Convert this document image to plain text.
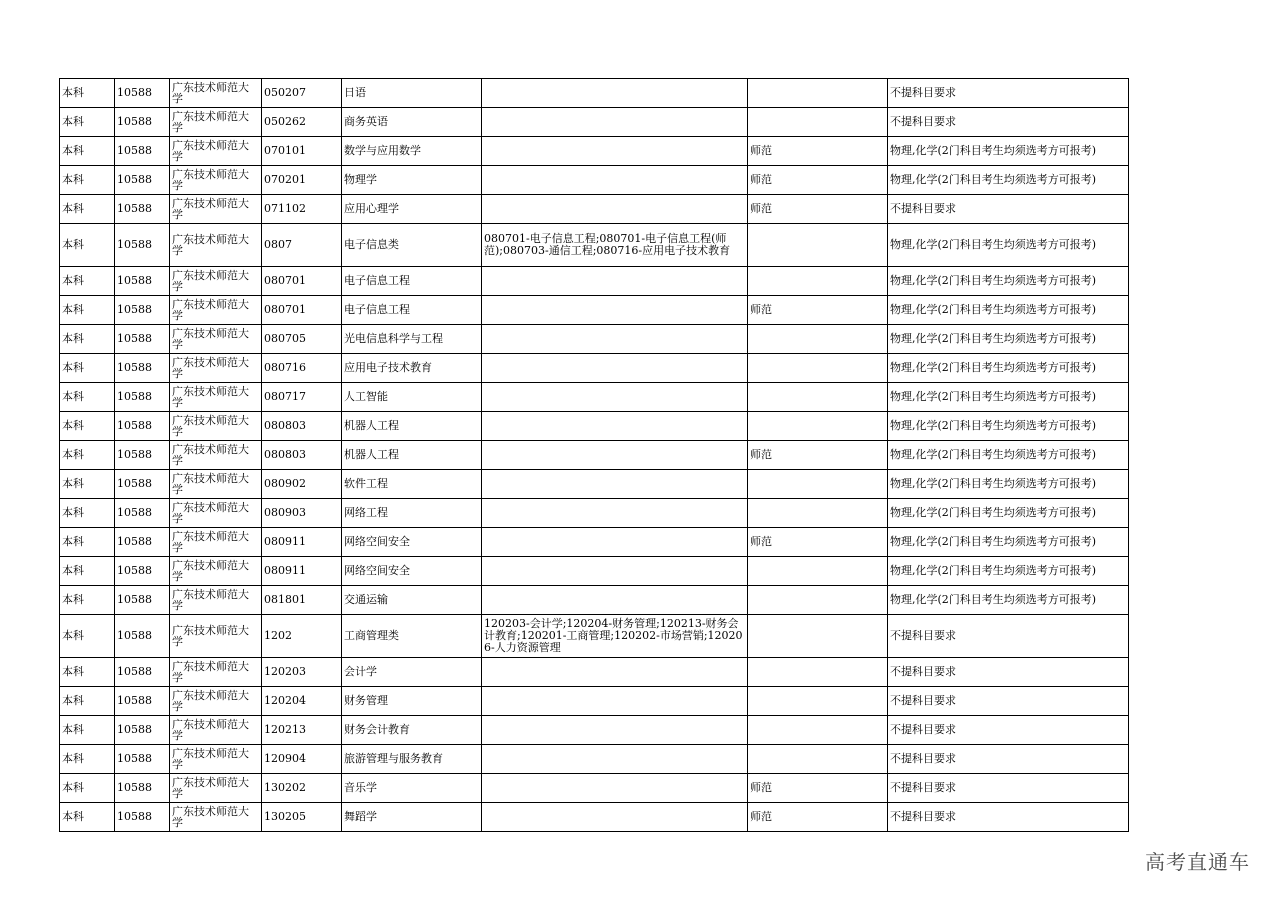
本科	10588	广东技术师范大学	050207	日语			不提科目要求
本科	10588	广东技术师范大学	050262	商务英语			不提科目要求
本科	10588	广东技术师范大学	070101	数学与应用数学		师范	物理,化学(2门科目考生均须选考方可报考)
本科	10588	广东技术师范大学	070201	物理学		师范	物理,化学(2门科目考生均须选考方可报考)
本科	10588	广东技术师范大学	071102	应用心理学		师范	不提科目要求
本科	10588	广东技术师范大学	0807	电子信息类	080701-电子信息工程;080701-电子信息工程(师范);080703-通信工程;080716-应用电子技术教育		物理,化学(2门科目考生均须选考方可报考)
本科	10588	广东技术师范大学	080701	电子信息工程			物理,化学(2门科目考生均须选考方可报考)
本科	10588	广东技术师范大学	080701	电子信息工程		师范	物理,化学(2门科目考生均须选考方可报考)
本科	10588	广东技术师范大学	080705	光电信息科学与工程			物理,化学(2门科目考生均须选考方可报考)
本科	10588	广东技术师范大学	080716	应用电子技术教育			物理,化学(2门科目考生均须选考方可报考)
本科	10588	广东技术师范大学	080717	人工智能			物理,化学(2门科目考生均须选考方可报考)
本科	10588	广东技术师范大学	080803	机器人工程			物理,化学(2门科目考生均须选考方可报考)
本科	10588	广东技术师范大学	080803	机器人工程		师范	物理,化学(2门科目考生均须选考方可报考)
本科	10588	广东技术师范大学	080902	软件工程			物理,化学(2门科目考生均须选考方可报考)
本科	10588	广东技术师范大学	080903	网络工程			物理,化学(2门科目考生均须选考方可报考)
本科	10588	广东技术师范大学	080911	网络空间安全		师范	物理,化学(2门科目考生均须选考方可报考)
本科	10588	广东技术师范大学	080911	网络空间安全			物理,化学(2门科目考生均须选考方可报考)
本科	10588	广东技术师范大学	081801	交通运输			物理,化学(2门科目考生均须选考方可报考)
本科	10588	广东技术师范大学	1202	工商管理类	120203-会计学;120204-财务管理;120213-财务会计教育;120201-工商管理;120202-市场营销;120206-人力资源管理		不提科目要求
本科	10588	广东技术师范大学	120203	会计学			不提科目要求
本科	10588	广东技术师范大学	120204	财务管理			不提科目要求
本科	10588	广东技术师范大学	120213	财务会计教育			不提科目要求
本科	10588	广东技术师范大学	120904	旅游管理与服务教育			不提科目要求
本科	10588	广东技术师范大学	130202	音乐学		师范	不提科目要求
本科	10588	广东技术师范大学	130205	舞蹈学		师范	不提科目要求
高考直通车
